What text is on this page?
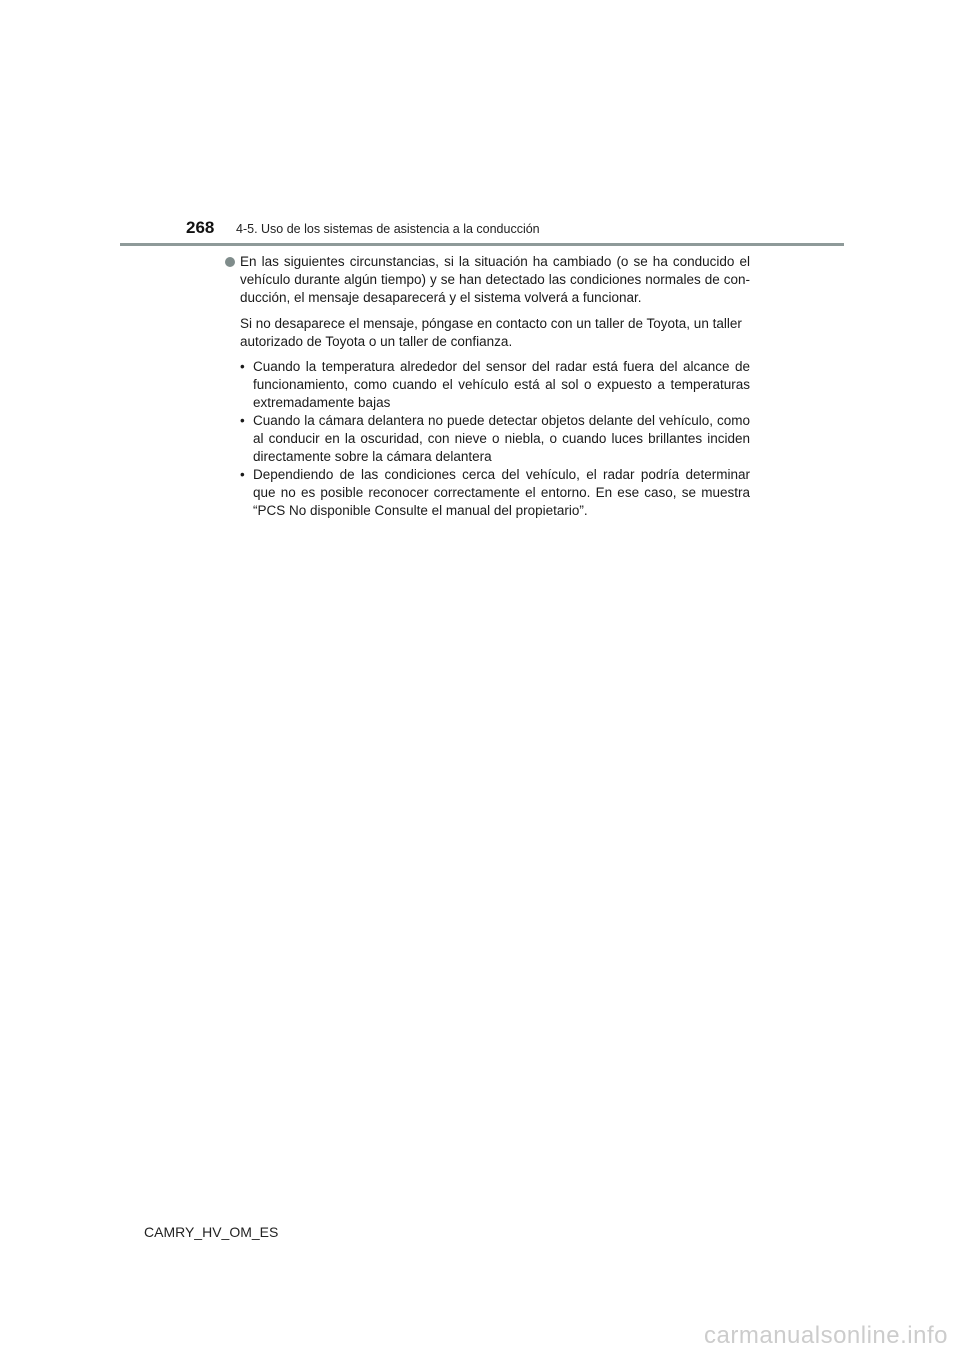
268 4-5. Uso de los sistemas de asistencia a la conducción

En las siguientes circunstancias, si la situación ha cambiado (o se ha conducido el vehículo durante algún tiempo) y se han detectado las condiciones normales de con-ducción, el mensaje desaparecerá y el sistema volverá a funcionar.

Si no desaparece el mensaje, póngase en contacto con un taller de Toyota, un taller autorizado de Toyota o un taller de confianza.

• Cuando la temperatura alrededor del sensor del radar está fuera del alcance de funcionamiento, como cuando el vehículo está al sol o expuesto a temperaturas extremadamente bajas
• Cuando la cámara delantera no puede detectar objetos delante del vehículo, como al conducir en la oscuridad, con nieve o niebla, o cuando luces brillantes inciden directamente sobre la cámara delantera
• Dependiendo de las condiciones cerca del vehículo, el radar podría determinar que no es posible reconocer correctamente el entorno. En ese caso, se muestra “PCS No disponible Consulte el manual del propietario”.
CAMRY_HV_OM_ES
carmanualsonline.info
